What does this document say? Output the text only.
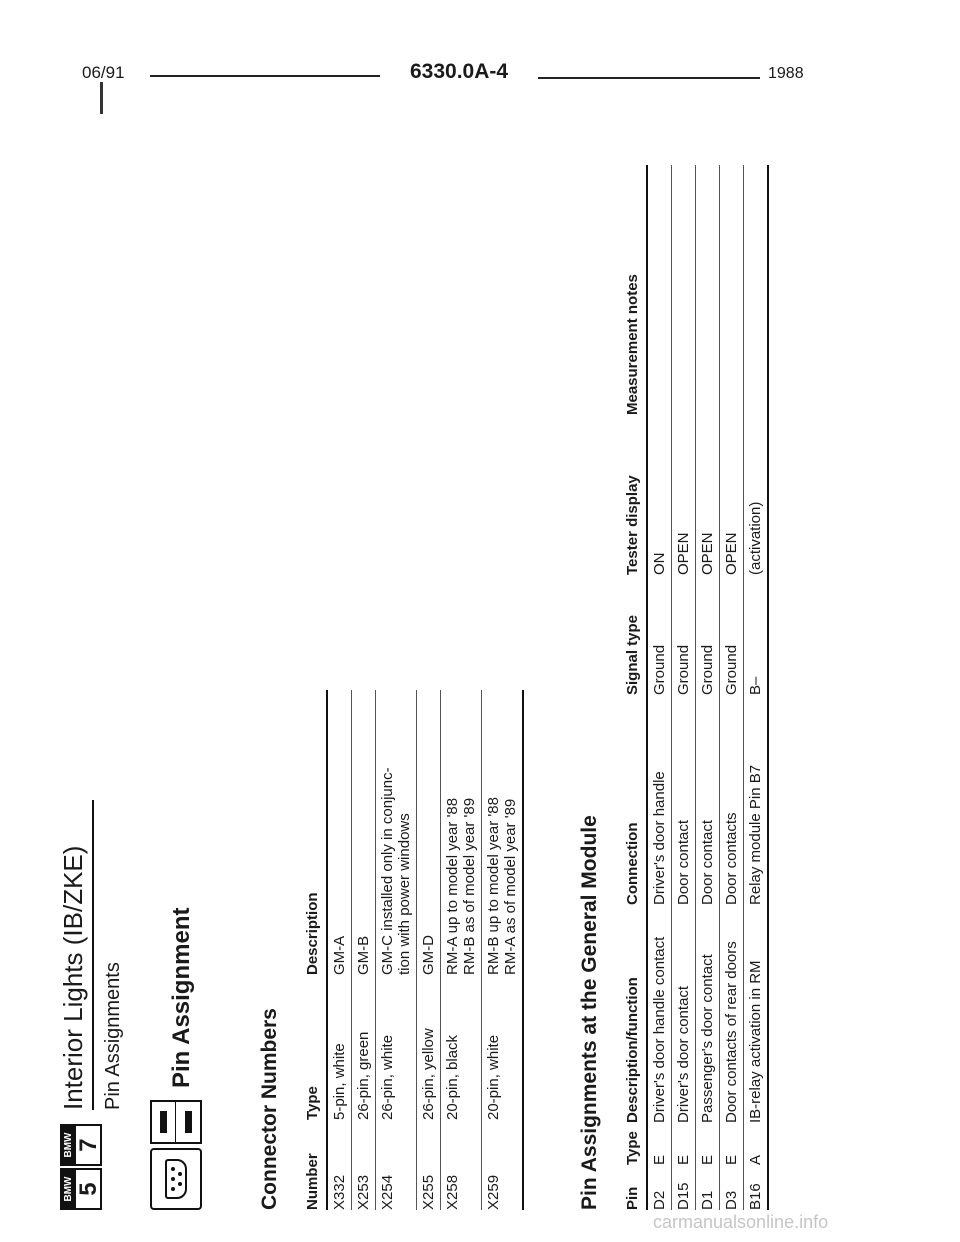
06/91	6330.0A-4	1988
BMW 5
BMW 7
Interior Lights (IB/ZKE) Pin Assignments Pin Assignment
Connector Numbers Number	Type	Description
X332	5-pin, white	GM-A
X253	26-pin, green	GM-B
X254	26-pin, white	GM-C installed only in conjunc-
tion with power windows
X255	26-pin, yellow	GM-D
X258	20-pin, black	RM-A up to model year '88
RM-B as of model year '89
X259	20-pin, white	RM-B up to model year '88
RM-A as of model year '89
Pin Assignments at the General Module Pin	Type	Description/function	Connection	Signal type	Tester display	Measurement notes
D2	E	Driver's door handle contact	Driver's door handle	Ground	ON	
D15	E	Driver's door contact	Door contact	Ground	OPEN	
D1	E	Passenger's door contact	Door contact	Ground	OPEN	
D3	E	Door contacts of rear doors	Door contacts	Ground	OPEN	
B16	A	IB-relay activation in RM	Relay module Pin B7	B–	(activation)	
carmanualsonline.info
